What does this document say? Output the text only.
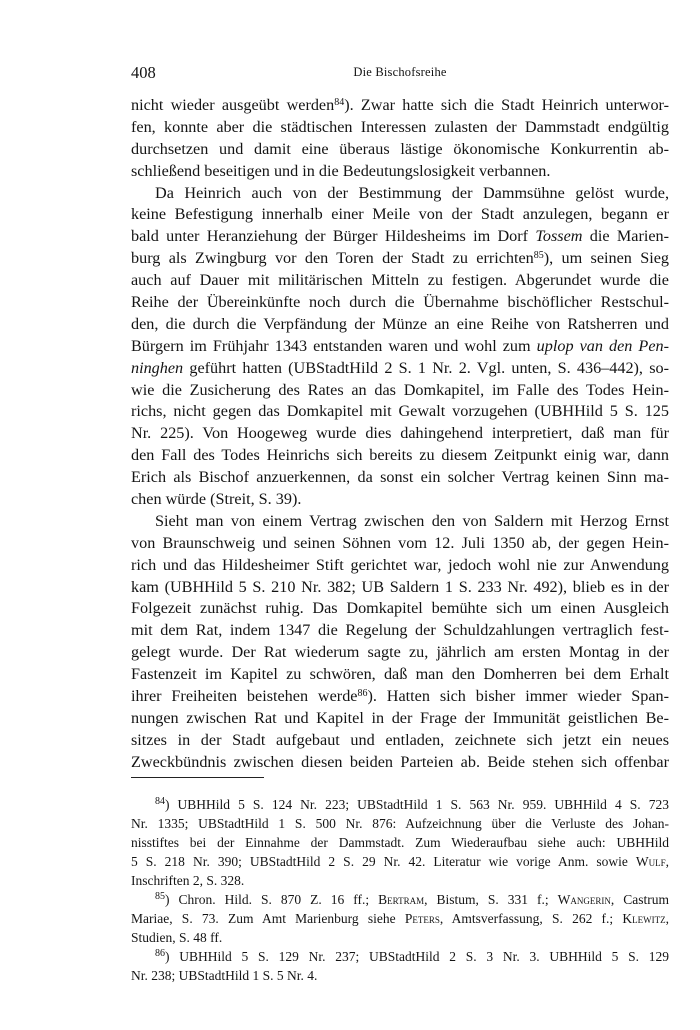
408	Die Bischofsreihe
nicht wieder ausgeübt werden$^{84}$). Zwar hatte sich die Stadt Heinrich unterwor-
fen, konnte aber die städtischen Interessen zulasten der Dammstadt endgültig
durchsetzen und damit eine überaus lästige ökonomische Konkurrentin ab-
schließend beseitigen und in die Bedeutungslosigkeit verbannen.
Da Heinrich auch von der Bestimmung der Dammsühne gelöst wurde,
keine Befestigung innerhalb einer Meile von der Stadt anzulegen, begann er
bald unter Heranziehung der Bürger Hildesheims im Dorf Tossem die Marien-
burg als Zwingburg vor den Toren der Stadt zu errichten$^{85}$), um seinen Sieg
auch auf Dauer mit militärischen Mitteln zu festigen. Abgerundet wurde die
Reihe der Übereinkünfte noch durch die Übernahme bischöflicher Restschul-
den, die durch die Verpfändung der Münze an eine Reihe von Ratsherren und
Bürgern im Frühjahr 1343 entstanden waren und wohl zum uplop van den Pen-
ninghen geführt hatten (UBStadtHild 2 S. 1 Nr. 2. Vgl. unten, S. 436–442), so-
wie die Zusicherung des Rates an das Domkapitel, im Falle des Todes Hein-
richs, nicht gegen das Domkapitel mit Gewalt vorzugehen (UBHHild 5 S. 125
Nr. 225). Von Hoogeweg wurde dies dahingehend interpretiert, daß man für
den Fall des Todes Heinrichs sich bereits zu diesem Zeitpunkt einig war, dann
Erich als Bischof anzuerkennen, da sonst ein solcher Vertrag keinen Sinn ma-
chen würde (Streit, S. 39).
Sieht man von einem Vertrag zwischen den von Saldern mit Herzog Ernst
von Braunschweig und seinen Söhnen vom 12. Juli 1350 ab, der gegen Hein-
rich und das Hildesheimer Stift gerichtet war, jedoch wohl nie zur Anwendung
kam (UBHHild 5 S. 210 Nr. 382; UB Saldern 1 S. 233 Nr. 492), blieb es in der
Folgezeit zunächst ruhig. Das Domkapitel bemühte sich um einen Ausgleich
mit dem Rat, indem 1347 die Regelung der Schuldzahlungen vertraglich fest-
gelegt wurde. Der Rat wiederum sagte zu, jährlich am ersten Montag in der
Fastenzeit im Kapitel zu schwören, daß man den Domherren bei dem Erhalt
ihrer Freiheiten beistehen werde$^{86}$). Hatten sich bisher immer wieder Span-
nungen zwischen Rat und Kapitel in der Frage der Immunität geistlichen Be-
sitzes in der Stadt aufgebaut und entladen, zeichnete sich jetzt ein neues
Zweckbündnis zwischen diesen beiden Parteien ab. Beide stehen sich offenbar
$^{84}$) UBHHild 5 S. 124 Nr. 223; UBStadtHild 1 S. 563 Nr. 959. UBHHild 4 S. 723
Nr. 1335; UBStadtHild 1 S. 500 Nr. 876: Aufzeichnung über die Verluste des Johan-
nisstiftes bei der Einnahme der Dammstadt. Zum Wiederaufbau siehe auch: UBHHild
5 S. 218 Nr. 390; UBStadtHild 2 S. 29 Nr. 42. Literatur wie vorige Anm. sowie Wulf,
Inschriften 2, S. 328.
$^{85}$) Chron. Hild. S. 870 Z. 16 ff.; Bertram, Bistum, S. 331 f.; Wangerin, Castrum
Mariae, S. 73. Zum Amt Marienburg siehe Peters, Amtsverfassung, S. 262 f.; Klewitz,
Studien, S. 48 ff.
$^{86}$) UBHHild 5 S. 129 Nr. 237; UBStadtHild 2 S. 3 Nr. 3. UBHHild 5 S. 129
Nr. 238; UBStadtHild 1 S. 5 Nr. 4.
